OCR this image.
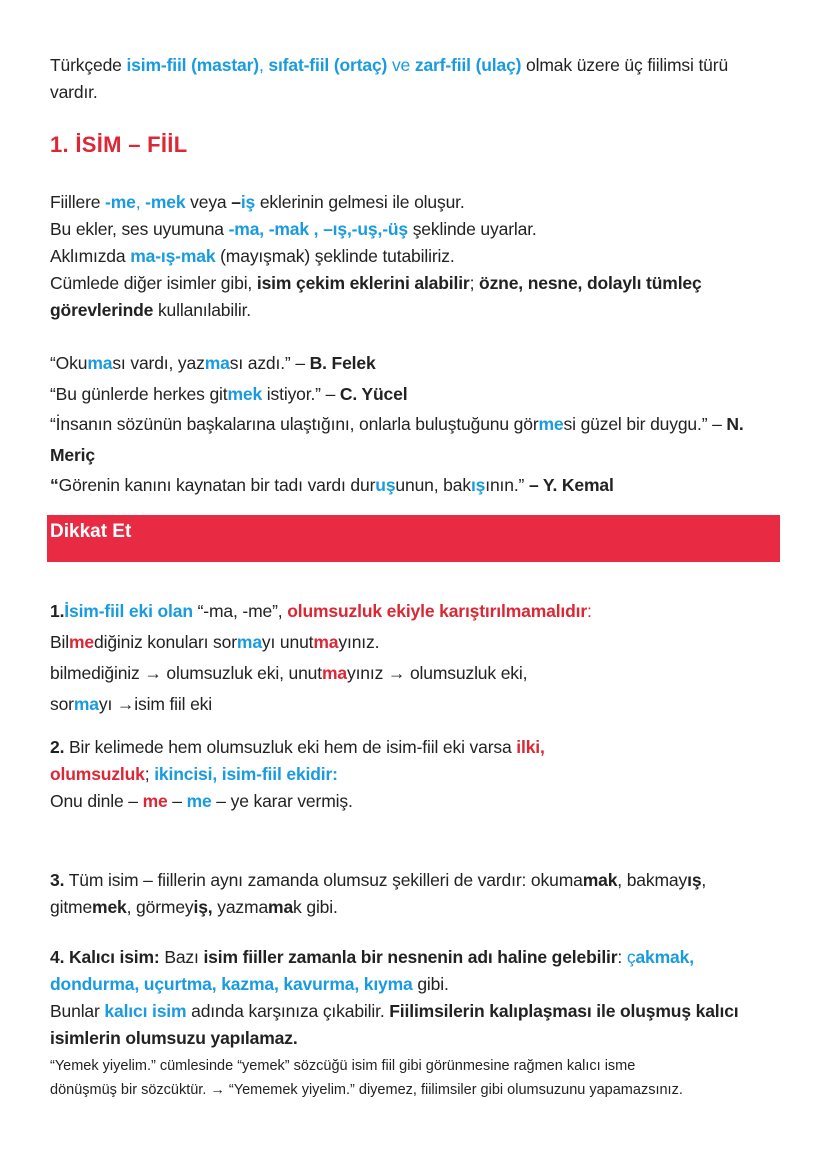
Türkçede isim-fiil (mastar), sıfat-fiil (ortaç) ve zarf-fiil (ulaç) olmak üzere üç fiilimsi türü vardır.

1. İSİM – FİİL

Fiillere -me, -mek veya –iş eklerinin gelmesi ile oluşur.

Bu ekler, ses uyumuna -ma, -mak , –ış,-uş,-üş şeklinde uyarlar.

Aklımızda ma-ış-mak (mayışmak) şeklinde tutabiliriz.

Cümlede diğer isimler gibi, isim çekim eklerini alabilir; özne, nesne, dolaylı tümleç görevlerinde kullanılabilir.

“Okuması vardı, yazması azdı.” – B. Felek

“Bu günlerde herkes gitmek istiyor.” – C. Yücel

“İnsanın sözünün başkalarına ulaştığını, onlarla buluştuğunu görmesi güzel bir duygu.” – N. Meriç

“Görenin kanını kaynatan bir tadı vardı duruşunun, bakışının.” – Y. Kemal

Dikkat Et

1.İsim-fiil eki olan “-ma, -me”, olumsuzluk ekiyle karıştırılmamalıdır:

Bilmediğiniz konuları sormayı unutmayınız.

bilmediğiniz → olumsuzluk eki, unutmayınız → olumsuzluk eki,

sormayı →isim fiil eki

2. Bir kelimede hem olumsuzluk eki hem de isim-fiil eki varsa ilki, olumsuzluk; ikincisi, isim-fiil ekidir:

Onu dinle – me – me – ye karar vermiş.

3. Tüm isim – fiillerin aynı zamanda olumsuz şekilleri de vardır: okumamak, bakmayış, gitmemek, görmeyiş, yazmamak gibi.

4. Kalıcı isim: Bazı isim fiiller zamanla bir nesnenin adı haline gelebilir: çakmak, dondurma, uçurtma, kazma, kavurma, kıyma gibi.

Bunlar kalıcı isim adında karşınıza çıkabilir. Fiilimsilerin kalıplaşması ile oluşmuş kalıcı isimlerin olumsuzu yapılamaz.

“Yemek yiyelim.” cümlesinde “yemek” sözcüğü isim fiil gibi görünmesine rağmen kalıcı isme

dönüşmüş bir sözcüktür. → “Yememek yiyelim.” diyemez, fiilimsiler gibi olumsuzunu yapamazsınız.
